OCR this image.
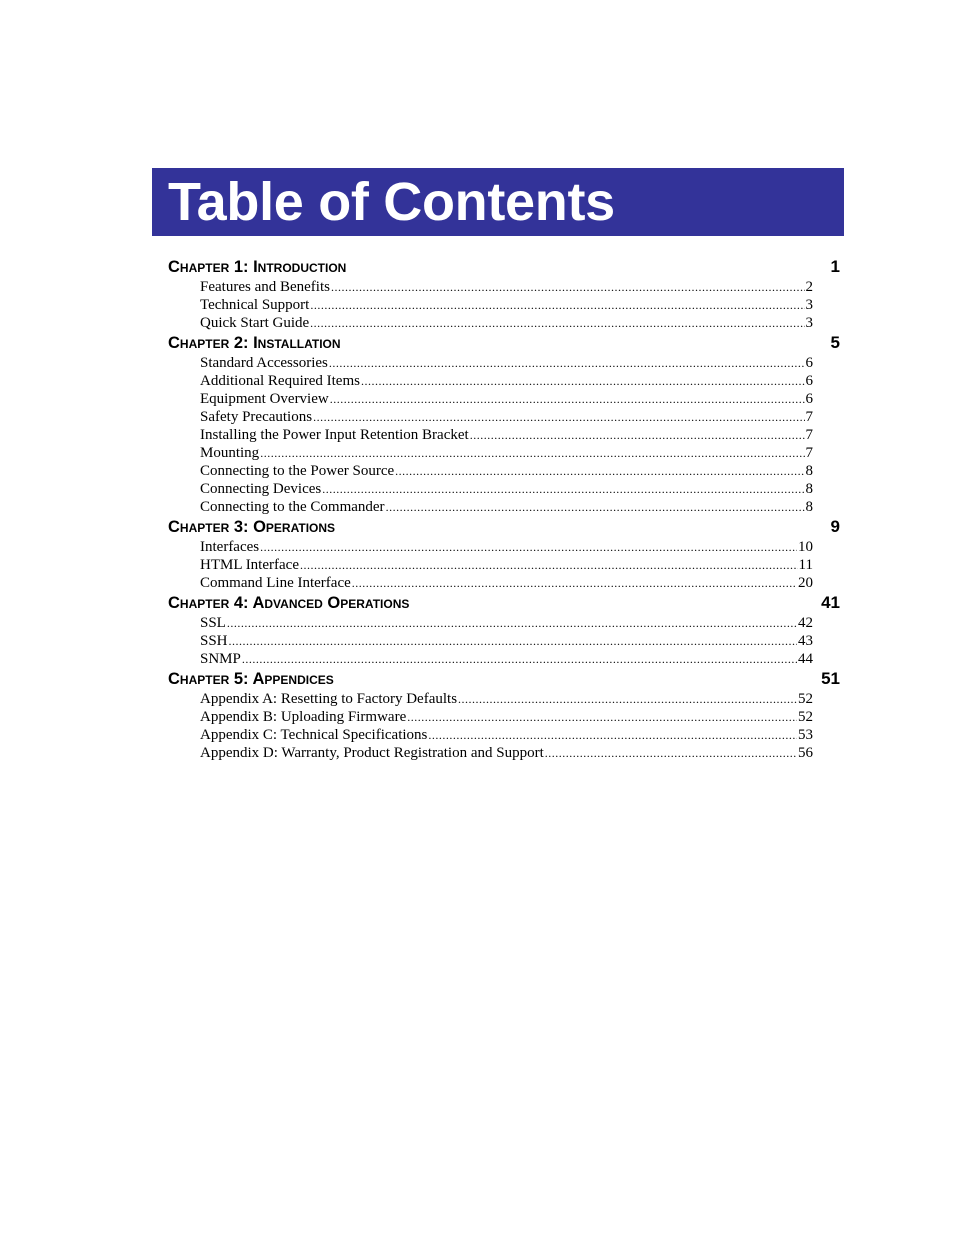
Table of Contents
Chapter 1: Introduction	1
Features and Benefits .....	2
Technical Support .....	3
Quick Start Guide .....	3
Chapter 2: Installation	5
Standard Accessories .....	6
Additional Required Items .....	6
Equipment Overview .....	6
Safety Precautions .....	7
Installing the Power Input Retention Bracket .....	7
Mounting .....	7
Connecting to the Power Source .....	8
Connecting Devices .....	8
Connecting to the Commander .....	8
Chapter 3: Operations	9
Interfaces .....	10
HTML Interface .....	11
Command Line Interface .....	20
Chapter 4: Advanced Operations	41
SSL .....	42
SSH .....	43
SNMP .....	44
Chapter 5: Appendices	51
Appendix A: Resetting to Factory Defaults .....	52
Appendix B: Uploading Firmware .....	52
Appendix C: Technical Specifications .....	53
Appendix D: Warranty, Product Registration and Support .....	56
